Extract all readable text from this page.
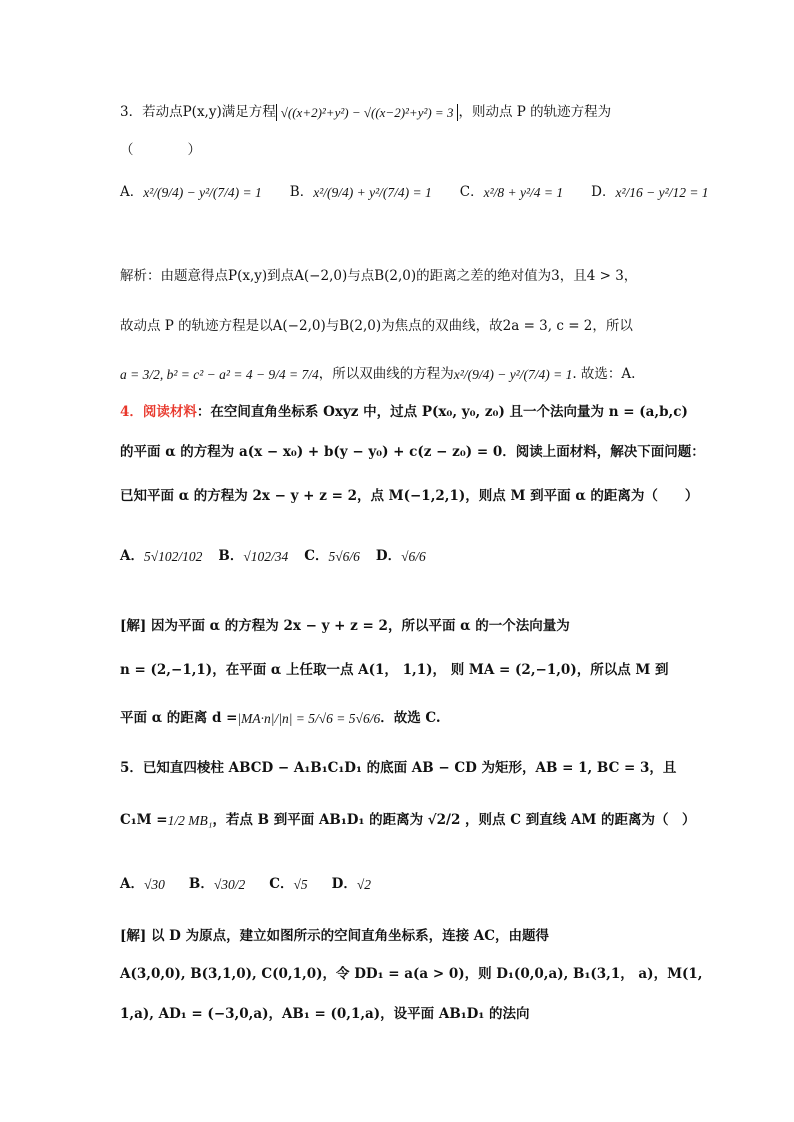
3．若动点P(x,y)满足方程 √((x+2)²+y²) − √((x−2)²+y²) = 3 ，则动点 P 的轨迹方程为
（　　　　）
A． x²/(9/4) − y²/(7/4) = 1 B． x²/(9/4) + y²/(7/4) = 1 C． x²/8 + y²/4 = 1 D． x²/16 − y²/12 = 1
解析：由题意得点P(x,y)到点A(−2,0)与点B(2,0)的距离之差的绝对值为3，且4 > 3，
故动点 P 的轨迹方程是以A(−2,0)与B(2,0)为焦点的双曲线，故2a = 3, c = 2，所以
a = 3/2, b² = c² − a² = 4 − 9/4 = 7/4 ，所以双曲线的方程为 x²/(9/4) − y²/(7/4) = 1 . 故选：A.
4． 阅读材料 ：在空间直角坐标系 Oxyz 中，过点 P(x₀, y₀, z₀) 且一个法向量为 n = (a,b,c)
的平面 α 的方程为 a(x − x₀) + b(y − y₀) + c(z − z₀) = 0．阅读上面材料，解决下面问题：
已知平面 α 的方程为 2x − y + z = 2，点 M(−1,2,1)，则点 M 到平面 α 的距离为（　　）
A． 5√102/102 B． √102/34 C． 5√6/6 D． √6/6
[解] 因为平面 α 的方程为 2x − y + z = 2，所以平面 α 的一个法向量为
n = (2,−1,1)，在平面 α 上任取一点 A(1， 1,1)， 则 MA = (2,−1,0)，所以点 M 到
平面 α 的距离 d = |MA·n|/|n| = 5/√6 = 5√6/6 ．故选 C.
5．已知直四棱柱 ABCD − A₁B₁C₁D₁ 的底面 AB − CD 为矩形，AB = 1, BC = 3，且
C₁M = 1/2 MB₁ ，若点 B 到平面 AB₁D₁ 的距离为 √2/2 ，则点 C 到直线 AM 的距离为（　）
A． √30 B． √30/2 C． √5 D． √2
[解] 以 D 为原点，建立如图所示的空间直角坐标系，连接 AC，由题得
A(3,0,0), B(3,1,0), C(0,1,0)，令 DD₁ = a(a > 0)，则 D₁(0,0,a), B₁(3,1， a)，M(1,
1,a), AD₁ = (−3,0,a)，AB₁ = (0,1,a)，设平面 AB₁D₁ 的法向
